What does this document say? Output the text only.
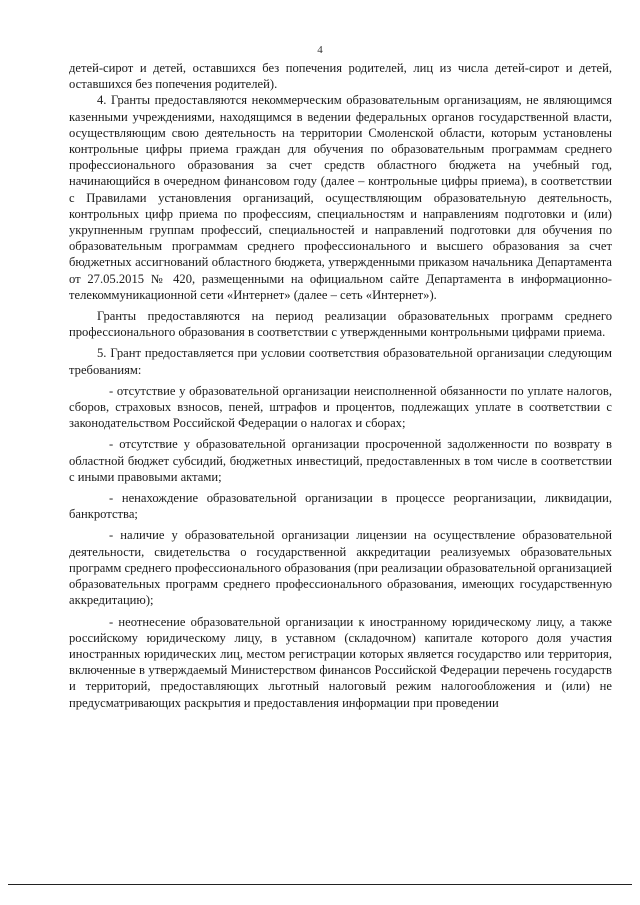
4

детей-сирот и детей, оставшихся без попечения родителей, лиц из числа детей-сирот и детей, оставшихся без попечения родителей).

4. Гранты предоставляются некоммерческим образовательным организациям, не являющимся казенными учреждениями, находящимся в ведении федеральных органов государственной власти, осуществляющим свою деятельность на территории Смоленской области, которым установлены контрольные цифры приема граждан для обучения по образовательным программам среднего профессионального образования за счет средств областного бюджета на учебный год, начинающийся в очередном финансовом году (далее – контрольные цифры приема), в соответствии с Правилами установления организаций, осуществляющим образовательную деятельность, контрольных цифр приема по профессиям, специальностям и направлениям подготовки и (или) укрупненным группам профессий, специальностей и направлений подготовки для обучения по образовательным программам среднего профессионального и высшего образования за счет бюджетных ассигнований областного бюджета, утвержденными приказом начальника Департамента от 27.05.2015 № 420, размещенными на официальном сайте Департамента в информационно-телекоммуникационной сети «Интернет» (далее – сеть «Интернет»).

Гранты предоставляются на период реализации образовательных программ среднего профессионального образования в соответствии с утвержденными контрольными цифрами приема.

5. Грант предоставляется при условии соответствия образовательной организации следующим требованиям:

- отсутствие у образовательной организации неисполненной обязанности по уплате налогов, сборов, страховых взносов, пеней, штрафов и процентов, подлежащих уплате в соответствии с законодательством Российской Федерации о налогах и сборах;

- отсутствие у образовательной организации просроченной задолженности по возврату в областной бюджет субсидий, бюджетных инвестиций, предоставленных в том числе в соответствии с иными правовыми актами;

- ненахождение образовательной организации в процессе реорганизации, ликвидации, банкротства;

- наличие у образовательной организации лицензии на осуществление образовательной деятельности, свидетельства о государственной аккредитации реализуемых образовательных программ среднего профессионального образования (при реализации образовательной организацией образовательных программ среднего профессионального образования, имеющих государственную аккредитацию);

- неотнесение образовательной организации к иностранному юридическому лицу, а также российскому юридическому лицу, в уставном (складочном) капитале которого доля участия иностранных юридических лиц, местом регистрации которых является государство или территория, включенные в утверждаемый Министерством финансов Российской Федерации перечень государств и территорий, предоставляющих льготный налоговый режим налогообложения и (или) не предусматривающих раскрытия и предоставления информации при проведении
